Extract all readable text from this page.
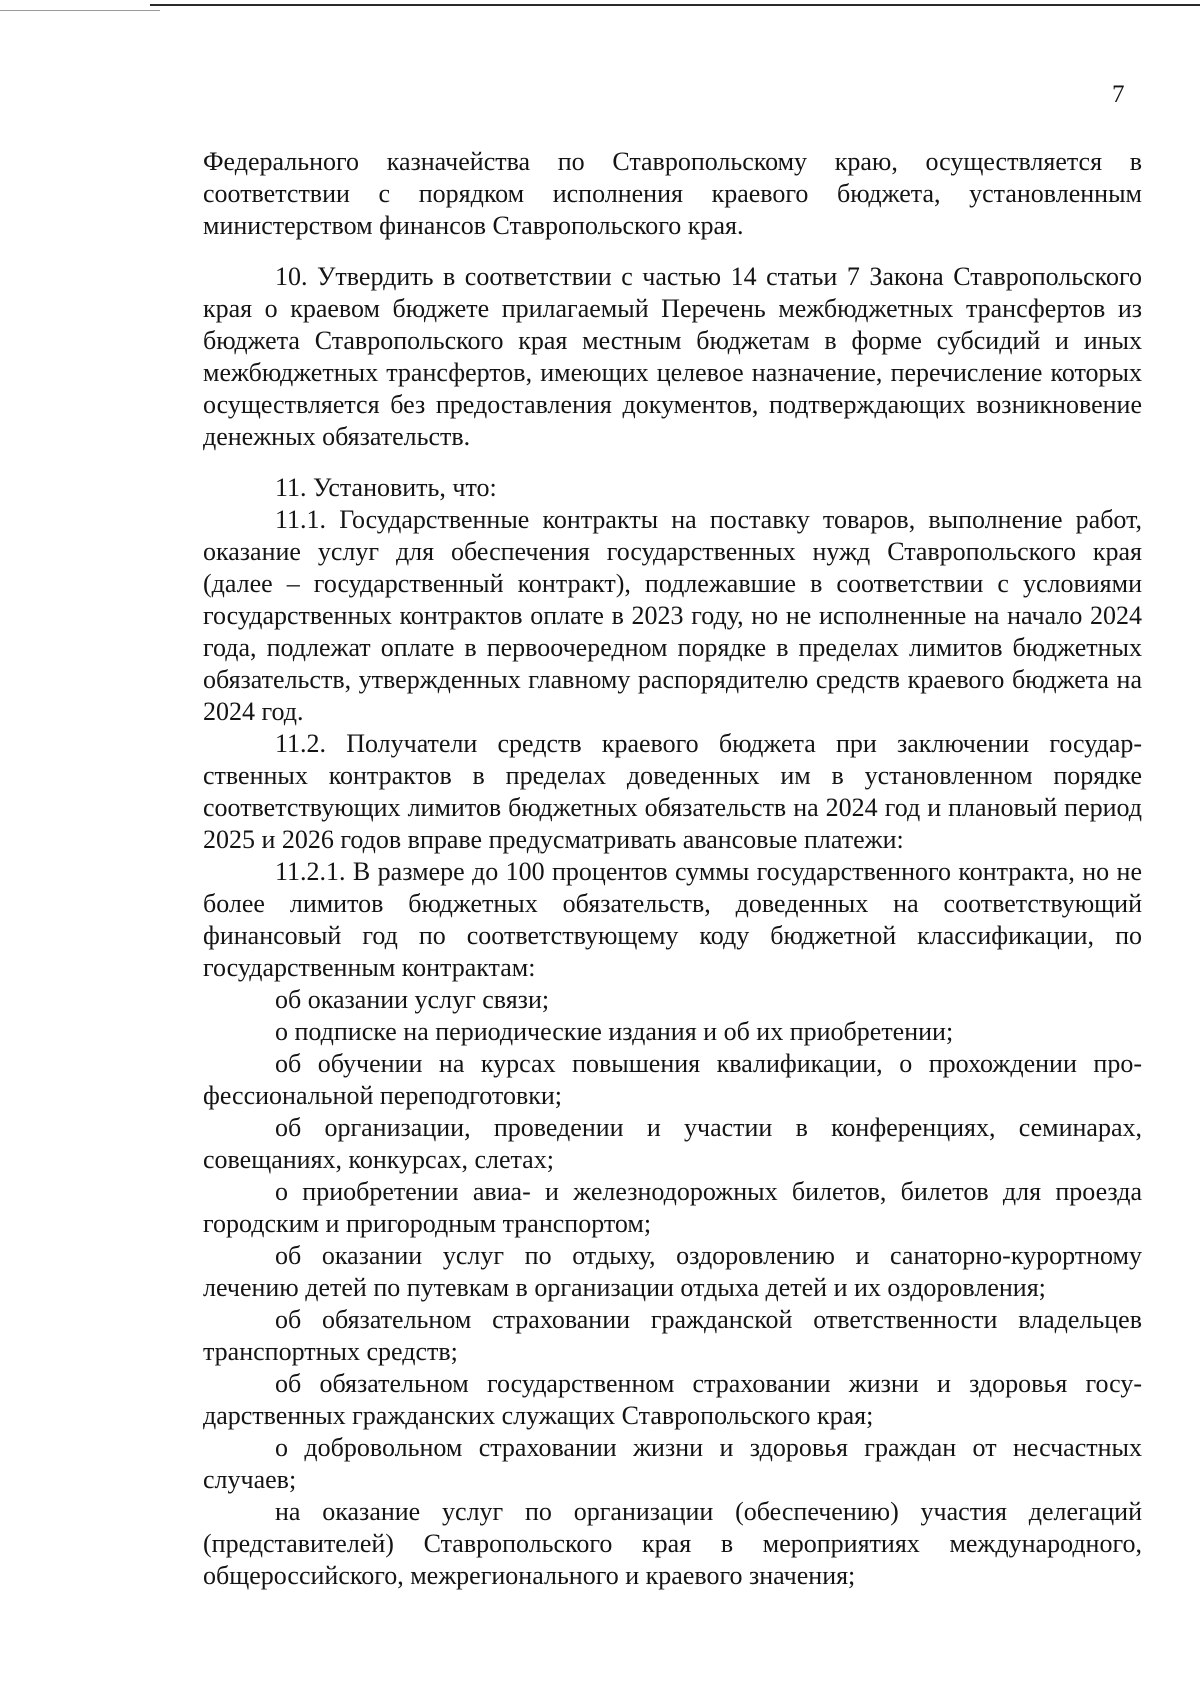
7

Федерального казначейства по Ставропольскому краю, осуществляется в соответствии с порядком исполнения краевого бюджета, установленным министерством финансов Ставропольского края.

10. Утвердить в соответствии с частью 14 статьи 7 Закона Ставропольского края о краевом бюджете прилагаемый Перечень межбюджетных трансфертов из бюджета Ставропольского края местным бюджетам в форме субсидий и иных межбюджетных трансфертов, имеющих целевое назначение, перечисление которых осуществляется без предоставления документов, подтверждающих возникновение денежных обязательств.

11. Установить, что:

11.1. Государственные контракты на поставку товаров, выполнение работ, оказание услуг для обеспечения государственных нужд Ставропольского края (далее – государственный контракт), подлежавшие в соответствии с условиями государственных контрактов оплате в 2023 году, но не исполненные на начало 2024 года, подлежат оплате в первоочередном порядке в пределах лимитов бюджетных обязательств, утвержденных главному распорядителю средств краевого бюджета на 2024 год.

11.2. Получатели средств краевого бюджета при заключении государственных контрактов в пределах доведенных им в установленном порядке соответствующих лимитов бюджетных обязательств на 2024 год и плановый период 2025 и 2026 годов вправе предусматривать авансовые платежи:

11.2.1. В размере до 100 процентов суммы государственного контракта, но не более лимитов бюджетных обязательств, доведенных на соответствующий финансовый год по соответствующему коду бюджетной классификации, по государственным контрактам:

об оказании услуг связи;

о подписке на периодические издания и об их приобретении;

об обучении на курсах повышения квалификации, о прохождении профессиональной переподготовки;

об организации, проведении и участии в конференциях, семинарах, совещаниях, конкурсах, слетах;

о приобретении авиа- и железнодорожных билетов, билетов для проезда городским и пригородным транспортом;

об оказании услуг по отдыху, оздоровлению и санаторно-курортному лечению детей по путевкам в организации отдыха детей и их оздоровления;

об обязательном страховании гражданской ответственности владельцев транспортных средств;

об обязательном государственном страховании жизни и здоровья государственных гражданских служащих Ставропольского края;

о добровольном страховании жизни и здоровья граждан от несчастных случаев;

на оказание услуг по организации (обеспечению) участия делегаций (представителей) Ставропольского края в мероприятиях международного, общероссийского, межрегионального и краевого значения;
